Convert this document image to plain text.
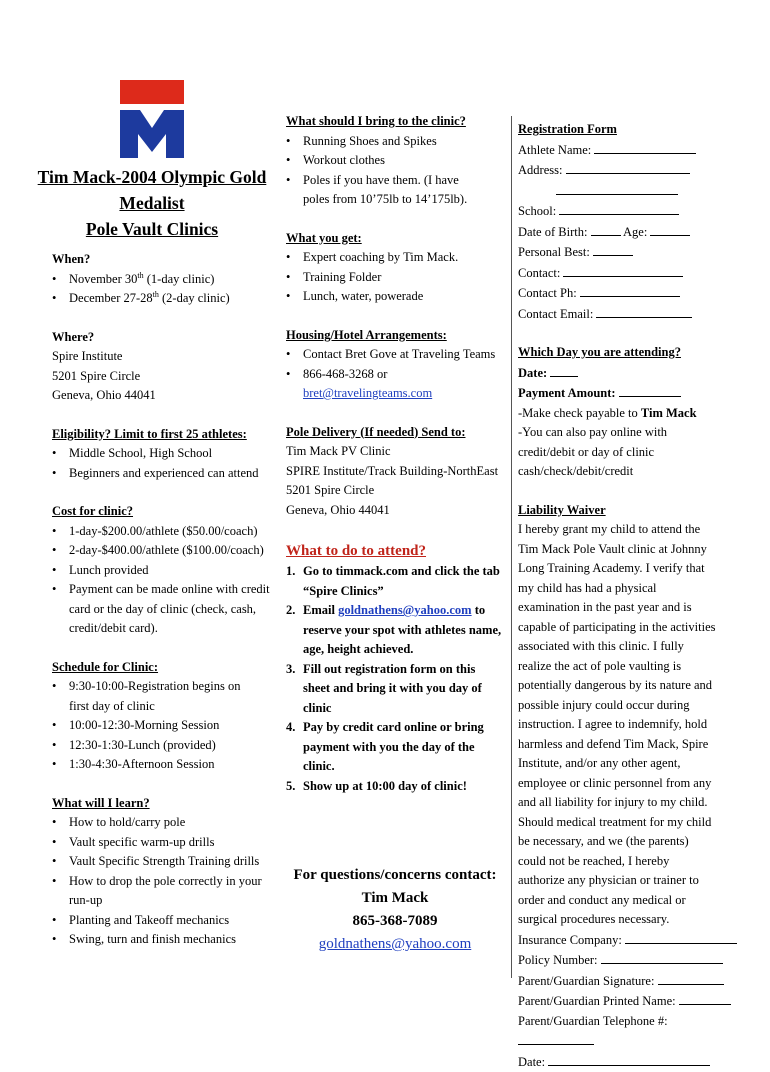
Tim Mack-2004 Olympic Gold
Medalist
Pole Vault Clinics
When?
• November 30th (1-day clinic)
• December 27-28th (2-day clinic)
Where?
Spire Institute
5201 Spire Circle
Geneva, Ohio 44041
Eligibility? Limit to first 25 athletes:
• Middle School, High School
• Beginners and experienced can attend
Cost for clinic?
• 1-day-$200.00/athlete ($50.00/coach)
• 2-day-$400.00/athlete ($100.00/coach)
• Lunch provided
• Payment can be made online with credit card or the day of clinic (check, cash, credit/debit card).
Schedule for Clinic:
• 9:30-10:00-Registration begins on first day of clinic
• 10:00-12:30-Morning Session
• 12:30-1:30-Lunch (provided)
• 1:30-4:30-Afternoon Session
What will I learn?
• How to hold/carry pole
• Vault specific warm-up drills
• Vault Specific Strength Training drills
• How to drop the pole correctly in your run-up
• Planting and Takeoff mechanics
• Swing, turn and finish mechanics
What should I bring to the clinic?
• Running Shoes and Spikes
• Workout clothes
• Poles if you have them. (I have poles from 10’75lb to 14’175lb).
What you get:
• Expert coaching by Tim Mack.
• Training Folder
• Lunch, water, powerade
Housing/Hotel Arrangements:
• Contact Bret Gove at Traveling Teams
• 866-468-3268 or bret@travelingteams.com
Pole Delivery (If needed) Send to:
Tim Mack PV Clinic
SPIRE Institute/Track Building-NorthEast
5201 Spire Circle
Geneva, Ohio 44041
What to do to attend?
1. Go to timmack.com and click the tab “Spire Clinics”
2. Email goldnathens@yahoo.com to reserve your spot with athletes name, age, height achieved.
3. Fill out registration form on this sheet and bring it with you day of clinic
4. Pay by credit card online or bring payment with you the day of the clinic.
5. Show up at 10:00 day of clinic!
For questions/concerns contact:
Tim Mack
865-368-7089
goldnathens@yahoo.com
Registration Form
Athlete Name:
Address:
School:
Date of Birth:	Age:
Personal Best:
Contact:
Contact Ph:
Contact Email:
Which Day you are attending?
Date:
Payment Amount:
-Make check payable to Tim Mack
-You can also pay online with credit/debit or day of clinic cash/check/debit/credit
Liability Waiver
I hereby grant my child to attend the Tim Mack Pole Vault clinic at Johnny Long Training Academy. I verify that my child has had a physical examination in the past year and is capable of participating in the activities associated with this clinic. I fully realize the act of pole vaulting is potentially dangerous by its nature and possible injury could occur during instruction. I agree to indemnify, hold harmless and defend Tim Mack, Spire Institute, and/or any other agent, employee or clinic personnel from any and all liability for injury to my child. Should medical treatment for my child be necessary, and we (the parents) could not be reached, I hereby authorize any physician or trainer to order and conduct any medical or surgical procedures necessary.
Insurance Company:
Policy Number:
Parent/Guardian Signature:
Parent/Guardian Printed Name:
Parent/Guardian Telephone #:
Date:
